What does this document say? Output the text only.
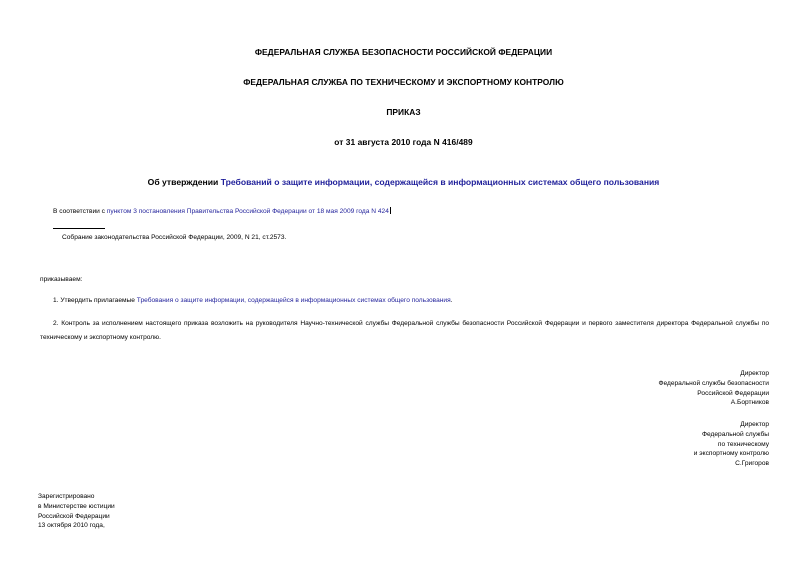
ФЕДЕРАЛЬНАЯ СЛУЖБА БЕЗОПАСНОСТИ РОССИЙСКОЙ ФЕДЕРАЦИИ
ФЕДЕРАЛЬНАЯ СЛУЖБА ПО ТЕХНИЧЕСКОМУ И ЭКСПОРТНОМУ КОНТРОЛЮ
ПРИКАЗ
от 31 августа 2010 года N 416/489
Об утверждении Требований о защите информации, содержащейся в информационных системах общего пользования
В соответствии с пунктом 3 постановления Правительства Российской Федерации от 18 мая 2009 года N 424
Собрание законодательства Российской Федерации, 2009, N 21, ст.2573.
приказываем:
1. Утвердить прилагаемые Требования о защите информации, содержащейся в информационных системах общего пользования.
2. Контроль за исполнением настоящего приказа возложить на руководителя Научно-технической службы Федеральной службы безопасности Российской Федерации и первого заместителя директора Федеральной службы по техническому и экспортному контролю.
Директор
Федеральной службы безопасности
Российской Федерации
А.Бортников
Директор
Федеральной службы
по техническому
и экспортному контролю
С.Григоров
Зарегистрировано
в Министерстве юстиции
Российской Федерации
13 октября 2010 года,
